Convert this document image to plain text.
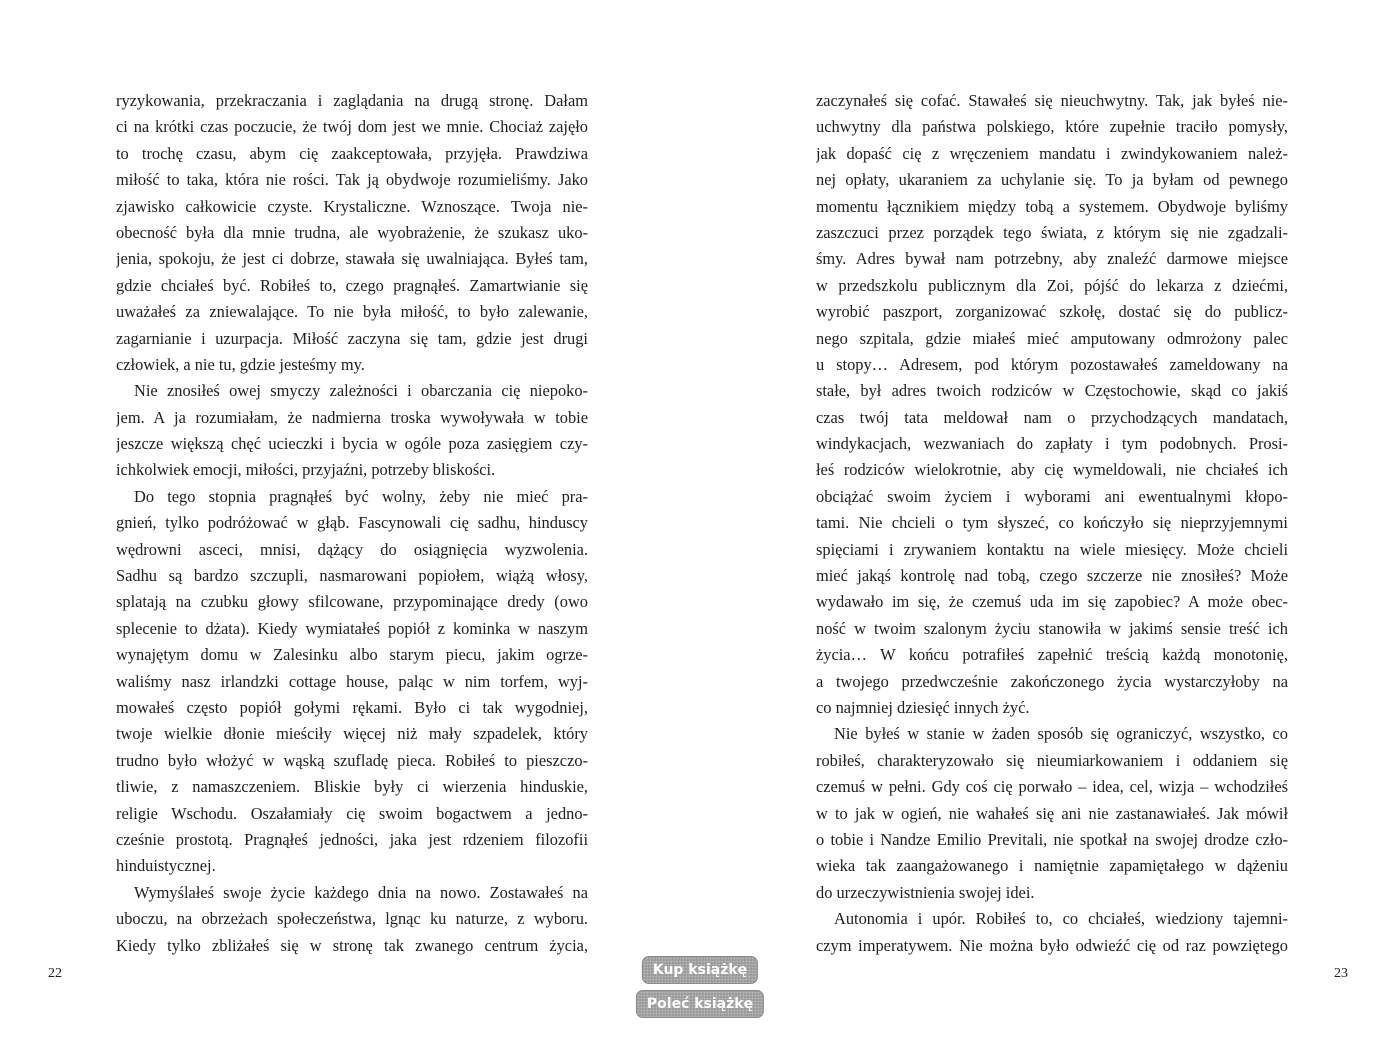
ryzykowania, przekraczania i zaglądania na drugą stronę. Dałam
ci na krótki czas poczucie, że twój dom jest we mnie. Chociaż zajęło
to trochę czasu, abym cię zaakceptowała, przyjęła. Prawdziwa
miłość to taka, która nie rości. Tak ją obydwoje rozumieliśmy. Jako
zjawisko całkowicie czyste. Krystaliczne. Wznoszące. Twoja nie-
obecność była dla mnie trudna, ale wyobrażenie, że szukasz uko-
jenia, spokoju, że jest ci dobrze, stawała się uwalniająca. Byłeś tam,
gdzie chciałeś być. Robiłeś to, czego pragnąłeś. Zamartwianie się
uważałeś za zniewalające. To nie była miłość, to było zalewanie,
zagarnianie i uzurpacja. Miłość zaczyna się tam, gdzie jest drugi
człowiek, a nie tu, gdzie jesteśmy my.
Nie znosiłeś owej smyczy zależności i obarczania cię niepoko-
jem. A ja rozumiałam, że nadmierna troska wywoływała w tobie
jeszcze większą chęć ucieczki i bycia w ogóle poza zasięgiem czy-
ichkolwiek emocji, miłości, przyjaźni, potrzeby bliskości.
Do tego stopnia pragnąłeś być wolny, żeby nie mieć pra-
gnień, tylko podróżować w głąb. Fascynowali cię sadhu, hinduscy
wędrowni asceci, mnisi, dążący do osiągnięcia wyzwolenia.
Sadhu są bardzo szczupli, nasmarowani popiołem, wiążą włosy,
splatają na czubku głowy sfilcowane, przypominające dredy (owo
splecenie to dżata). Kiedy wymiatałeś popiół z kominka w naszym
wynajętym domu w Zalesinku albo starym piecu, jakim ogrze-
waliśmy nasz irlandzki cottage house, paląc w nim torfem, wyj-
mowałeś często popiół gołymi rękami. Było ci tak wygodniej,
twoje wielkie dłonie mieściły więcej niż mały szpadelek, który
trudno było włożyć w wąską szufladę pieca. Robiłeś to pieszczo-
tliwie, z namaszczeniem. Bliskie były ci wierzenia hinduskie,
religie Wschodu. Oszałamiały cię swoim bogactwem a jedno-
cześnie prostotą. Pragnąłeś jedności, jaka jest rdzeniem filozofii
hinduistycznej.
Wymyślałeś swoje życie każdego dnia na nowo. Zostawałeś na
uboczu, na obrzeżach społeczeństwa, lgnąc ku naturze, z wyboru.
Kiedy tylko zbliżałeś się w stronę tak zwanego centrum życia,
zaczynałeś się cofać. Stawałeś się nieuchwytny. Tak, jak byłeś nie-
uchwytny dla państwa polskiego, które zupełnie traciło pomysły,
jak dopaść cię z wręczeniem mandatu i zwindykowaniem należ-
nej opłaty, ukaraniem za uchylanie się. To ja byłam od pewnego
momentu łącznikiem między tobą a systemem. Obydwoje byliśmy
zaszczuci przez porządek tego świata, z którym się nie zgadzali-
śmy. Adres bywał nam potrzebny, aby znaleźć darmowe miejsce
w przedszkolu publicznym dla Zoi, pójść do lekarza z dziećmi,
wyrobić paszport, zorganizować szkołę, dostać się do publicz-
nego szpitala, gdzie miałeś mieć amputowany odmrożony palec
u stopy… Adresem, pod którym pozostawałeś zameldowany na
stałe, był adres twoich rodziców w Częstochowie, skąd co jakiś
czas twój tata meldował nam o przychodzących mandatach,
windykacjach, wezwaniach do zapłaty i tym podobnych. Prosi-
łeś rodziców wielokrotnie, aby cię wymeldowali, nie chciałeś ich
obciążać swoim życiem i wyborami ani ewentualnymi kłopo-
tami. Nie chcieli o tym słyszeć, co kończyło się nieprzyjemnymi
spięciami i zrywaniem kontaktu na wiele miesięcy. Może chcieli
mieć jakąś kontrolę nad tobą, czego szczerze nie znosiłeś? Może
wydawało im się, że czemuś uda im się zapobiec? A może obec-
ność w twoim szalonym życiu stanowiła w jakimś sensie treść ich
życia… W końcu potrafiłeś zapełnić treścią każdą monotonię,
a twojego przedwcześnie zakończonego życia wystarczyłoby na
co najmniej dziesięć innych żyć.
Nie byłeś w stanie w żaden sposób się ograniczyć, wszystko, co
robiłeś, charakteryzowało się nieumiarkowaniem i oddaniem się
czemuś w pełni. Gdy coś cię porwało – idea, cel, wizja – wchodziłeś
w to jak w ogień, nie wahałeś się ani nie zastanawiałeś. Jak mówił
o tobie i Nandze Emilio Previtali, nie spotkał na swojej drodze czło-
wieka tak zaangażowanego i namiętnie zapamiętałego w dążeniu
do urzeczywistnienia swojej idei.
Autonomia i upór. Robiłeś to, co chciałeś, wiedziony tajemni-
czym imperatywem. Nie można było odwieźć cię od raz powziętego
22	23
Kup książkę
Poleć książkę
